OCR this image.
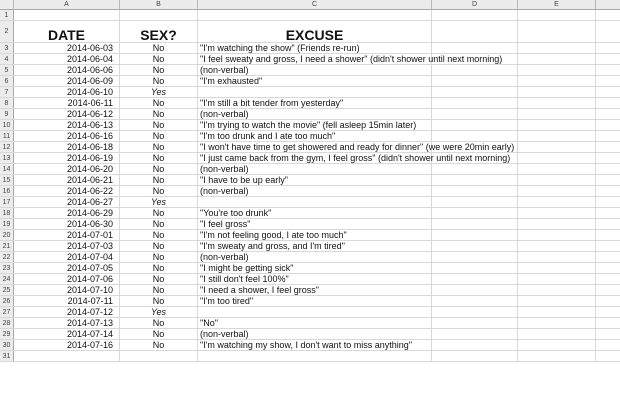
A	B	C	D	E
1
2	DATE	SEX?	EXCUSE
3	2014-06-03	No	"I'm watching the show" (Friends re-run)
4	2014-06-04	No	"I feel sweaty and gross, I need a shower" (didn't shower until next morning)
5	2014-06-06	No	(non-verbal)
6	2014-06-09	No	"I'm exhausted"
7	2014-06-10	Yes
8	2014-06-11	No	"I'm still a bit tender from yesterday"
9	2014-06-12	No	(non-verbal)
10	2014-06-13	No	"I'm trying to watch the movie" (fell asleep 15min later)
11	2014-06-16	No	"I'm too drunk and I ate too much"
12	2014-06-18	No	"I won't have time to get showered and ready for dinner" (we were 20min early)
13	2014-06-19	No	"I just came back from the gym, I feel gross" (didn't shower until next morning)
14	2014-06-20	No	(non-verbal)
15	2014-06-21	No	"I have to be up early"
16	2014-06-22	No	(non-verbal)
17	2014-06-27	Yes
18	2014-06-29	No	"You're too drunk"
19	2014-06-30	No	"I feel gross"
20	2014-07-01	No	"I'm not feeling good, I ate too much"
21	2014-07-03	No	"I'm sweaty and gross, and I'm tired"
22	2014-07-04	No	(non-verbal)
23	2014-07-05	No	"I might be getting sick"
24	2014-07-06	No	"I still don't feel 100%"
25	2014-07-10	No	"I need a shower, I feel gross"
26	2014-07-11	No	"I'm too tired"
27	2014-07-12	Yes
28	2014-07-13	No	"No"
29	2014-07-14	No	(non-verbal)
30	2014-07-16	No	"I'm watching my show, I don't want to miss anything"
31
